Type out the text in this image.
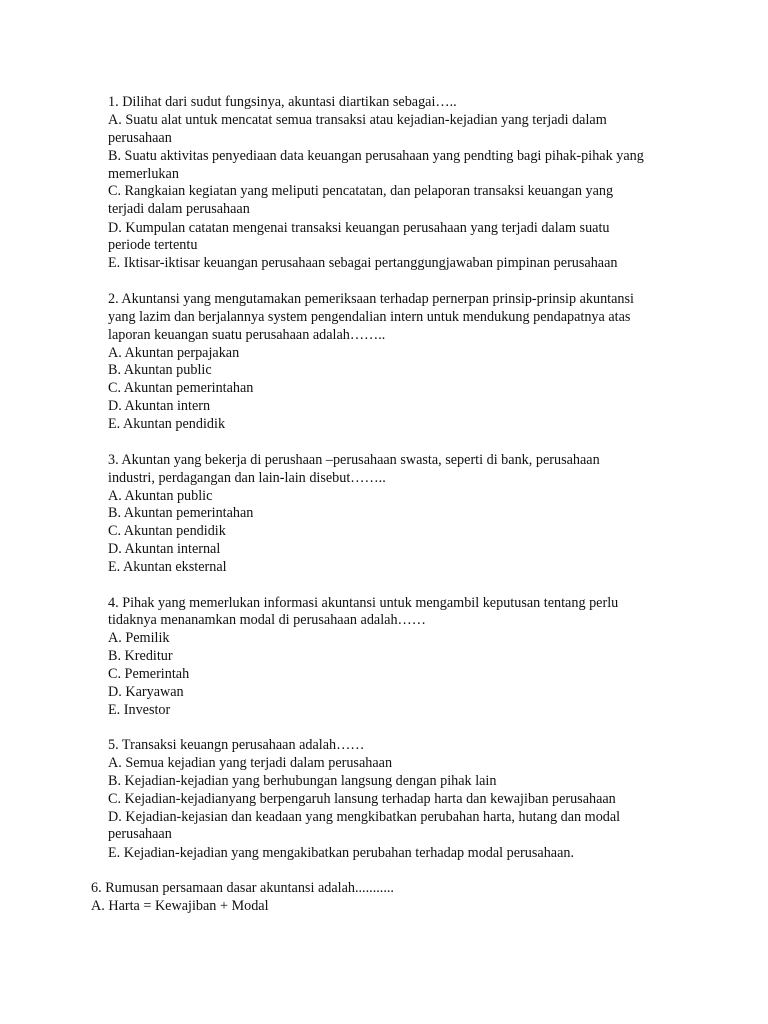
1. Dilihat dari sudut fungsinya, akuntasi diartikan sebagai…..
A. Suatu alat untuk mencatat semua transaksi atau kejadian-kejadian yang terjadi dalam
perusahaan
B. Suatu aktivitas penyediaan data keuangan perusahaan yang pendting bagi pihak-pihak yang
memerlukan
C. Rangkaian kegiatan yang meliputi pencatatan, dan pelaporan transaksi keuangan yang
terjadi dalam perusahaan
D. Kumpulan catatan mengenai transaksi keuangan perusahaan yang terjadi dalam suatu
periode tertentu
E. Iktisar-iktisar keuangan perusahaan sebagai pertanggungjawaban pimpinan perusahaan
2. Akuntansi yang mengutamakan pemeriksaan terhadap pernerpan prinsip-prinsip akuntansi
yang lazim dan berjalannya system pengendalian intern untuk mendukung pendapatnya atas
laporan keuangan suatu perusahaan adalah……..
A. Akuntan perpajakan
B. Akuntan public
C. Akuntan pemerintahan
D. Akuntan intern
E. Akuntan pendidik
3. Akuntan yang bekerja di perushaan –perusahaan swasta, seperti di bank, perusahaan
industri, perdagangan dan lain-lain disebut……..
A. Akuntan public
B. Akuntan pemerintahan
C. Akuntan pendidik
D. Akuntan internal
E. Akuntan eksternal
4. Pihak yang memerlukan informasi akuntansi untuk mengambil keputusan tentang perlu
tidaknya menanamkan modal di perusahaan adalah……
A. Pemilik
B. Kreditur
C. Pemerintah
D. Karyawan
E. Investor
5. Transaksi keuangn perusahaan adalah……
A. Semua kejadian yang terjadi dalam perusahaan
B. Kejadian-kejadian yang berhubungan langsung dengan pihak lain
C. Kejadian-kejadianyang berpengaruh lansung terhadap harta dan kewajiban perusahaan
D. Kejadian-kejasian dan keadaan yang mengkibatkan perubahan harta, hutang dan modal
perusahaan
E. Kejadian-kejadian yang mengakibatkan perubahan terhadap modal perusahaan.
6. Rumusan persamaan dasar akuntansi adalah...........
A. Harta = Kewajiban + Modal
